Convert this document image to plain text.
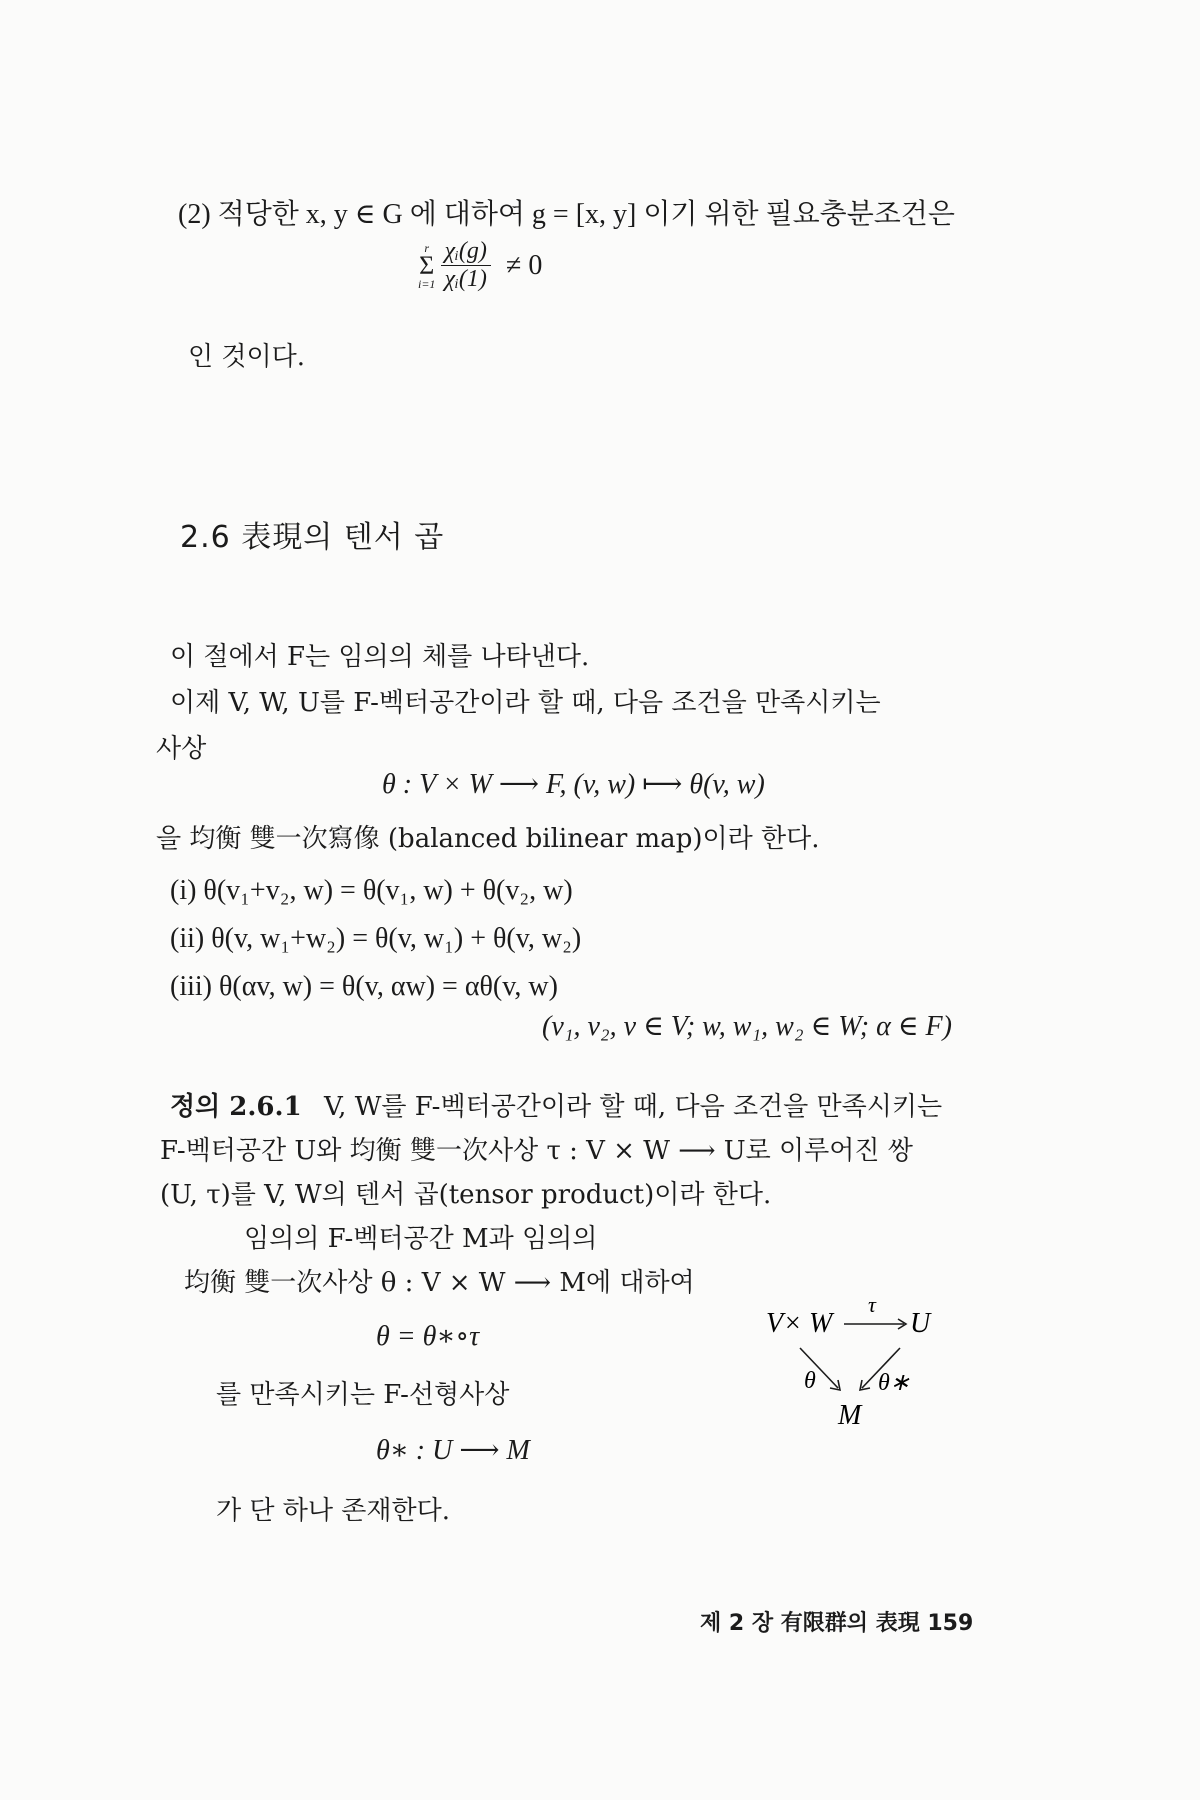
(2) 적당한 x, y ∈ G 에 대하여 g = [x, y] 이기 위한 필요충분조건은
r
Σ
i=1
$\frac{\text{χᵢ(g)}}{\text{χᵢ(1)}} \ne 0$
인 것이다.
2.6 表現의 텐서 곱
이 절에서 F는 임의의 체를 나타낸다.
이제 V, W, U를 F-벡터공간이라 할 때, 다음 조건을 만족시키는
사상
θ : V × W ⟶ F, (v, w) ⟼ θ(v, w)
을 均衡 雙一次寫像 (balanced bilinear map)이라 한다.
(i) θ(v₁+v₂, w) = θ(v₁, w) + θ(v₂, w)
(ii) θ(v, w₁+w₂) = θ(v, w₁) + θ(v, w₂)
(iii) θ(αv, w) = θ(v, αw) = αθ(v, w)
(v₁, v₂, v ∈ V; w, w₁, w₂ ∈ W; α ∈ F)
정의 2.6.1 V, W를 F-벡터공간이라 할 때, 다음 조건을 만족시키는
F-벡터공간 U와 均衡 雙一次사상 τ : V × W ⟶ U로 이루어진 쌍
(U, τ)를 V, W의 텐서 곱(tensor product)이라 한다.
임의의 F-벡터공간 M과 임의의
均衡 雙一次사상 θ : V × W ⟶ M에 대하여
θ = θ∗∘τ
를 만족시키는 F-선형사상
θ∗ : U ⟶ M
가 단 하나 존재한다.
V× W
τ
U
θ	θ∗
M
제 2 장 有限群의 表現 159
